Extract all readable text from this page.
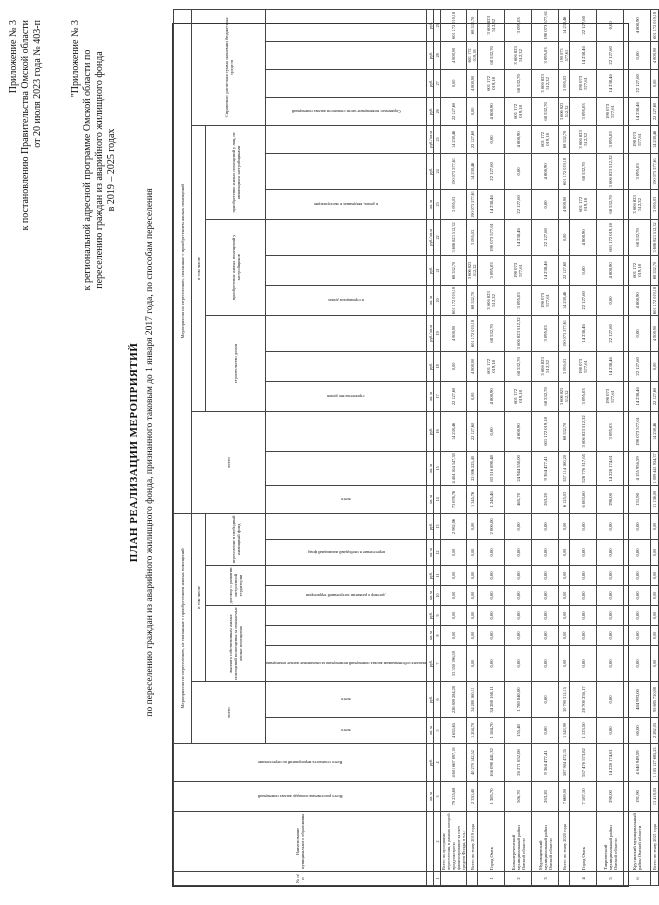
Приложение № 3 к постановлению Правительства Омской области от 20 июля 2023 года № 403-п	"Приложение № 3 к региональной адресной программе Омской области по переселению граждан из аварийного жилищного фонда в 2019 – 2025 годах
ПЛАН РЕАЛИЗАЦИИ МЕРОПРИЯТИЙ по переселению граждан из аварийного жилищного фонда, признанного таковым до 1 января 2017 года, по способам переселения
№ п/п	Наименование муниципального образования	Всего расселяемая площадь жилых помещений	Всего стоимость мероприятий по переселению	Мероприятия по переселению, не связанные с приобретением жилых помещений									Мероприятия по переселению, связанные с приобретением жилых помещений															
				всего		в том числе							всего			в том числе									Справочно: расчетная сумма экономии бюджетных средств			
						выплата собственникам жилых помещений возмещения за изымаемые жилые помещения			договор о развитии застроенной территории		переселение в свободный жилищный фонд					строительство домов			приобретение жилых помещений у застройщиков			приобретение жилых помещений у лиц, не являющихся застройщиками						

				всего	всего	выплата собственникам жилых помещений возмещения за изымаемые жилые помещения			договор о развитии застроенной территории		переселение в свободный жилищный фонд		всего			строительство домов			в строящихся домах			в домах, введенных в эксплуатацию			Справочно: возмещение части стоимости жилых помещений			

		кв. м	руб.	кв. м	руб.	руб.	кв. м	руб.	кв. м	руб.	кв. м	руб.	кв. м	кв. м	руб.	кв. м	руб.	руб./ кв.м	кв. м	руб.	руб./ кв.м	кв. м	руб.	руб./ кв.м	руб.	руб.	руб.	руб.
1	2	3	4	5	6	7	8	9	10	11	12	13	14	15	16	17	18	19	20	21	22	23	24	25	26	27	28	29
	Всего по программе переселения, в рамках которой предусмотрено финансирование за счет средств Фонда, в т.ч.:	79 235,68	4 601 667 897,18	4 655,65	226 809 284,28	53 350 196,59	0,00	0,00	0,00	0,00	0,00	2 982,86	73 676,76	4 404 164 347,38	14 238,46	22 127,60	0,00	4 808,90	601 172 019,18	68 532,70	3 606 823 512,32	3 095,03	190 073 577,61	14 238,46	22 127,60	0,00	4 808,90	601 172 019,18
	Всего по этапу 2019 года	2 330,40	40 270 142,52	1 204,70	34 280 160,11	0,00	0,00	0,00	0,00	0,00	0,00	0,00	1 345,76	22 006 225,40	22 127,60	0,00	4 808,90	601 172 019,18	68 532,70	3 606 823 512,32	3 095,03	190 073 577,61	14 238,46	22 127,60	0,00	4 808,90	601 172 019,18	68 532,70
1	Город Омск	1 385,70	166 090 441,32	1 184,70	34 280 160,11	0,00	0,00	0,00	0,00	0,00	0,00	2 000,00	1 245,46	83 516 890,48	0,00	4 808,90	601 172 019,18	68 532,70	3 606 823 512,32	3 095,03	190 073 577,61	14 238,46	22 127,60	0,00	4 808,90	601 172 019,18	68 532,70	3 606 823 512,32
2	Большереченский муниципальный район Омской области	506,70	26 271 652,08	155,40	1 780 840,00	0,00	0,00	0,00	0,00	0,00	0,00	0,00	465,70	24 944 550,00	4 808,90	601 172 019,18	68 532,70	3 606 823 512,32	3 095,03	190 073 577,61	14 238,46	22 127,60	0,00	4 808,90	601 172 019,18	68 532,70	3 606 823 512,32	3 095,03
3	Муромцевский муниципальный район Омской области	263,20	9 364 477,41	0,00	0,00	0,00	0,00	0,00	0,00	0,00	0,00	0,00	263,20	9 364 477,41	601 172 019,18	68 532,70	3 606 823 512,32	3 095,03	190 073 577,61	14 238,46	22 127,60	0,00	4 808,90	601 172 019,18	68 532,70	3 606 823 512,32	3 095,03	190 073 577,61
	Всего по этапу 2020 года	7 669,00	587 904 472,35	1 543,99	30 790 312,15	0,00	0,00	0,00	0,00	0,00	0,00	0,00	6 125,03	557 114 160,20	68 532,70	3 606 823 512,32	3 095,03	190 073 577,61	14 238,46	22 127,60	0,00	4 808,90	601 172 019,18	68 532,70	3 606 823 512,32	3 095,03	190 073 577,61	14 238,46
4	Город Омск	7 187,10	557 476 573,82	1 123,50	28 700 256,17	0,00	0,00	0,00	0,00	0,00	0,00	0,00	6 063,60	528 776 317,65	3 606 823 512,32	3 095,03	190 073 577,61	14 238,46	22 127,60	0,00	4 808,90	601 172 019,18	68 532,70	3 606 823 512,32	3 095,03	190 073 577,61	14 238,46	22 127,60
5	Таврический муниципальный район Омской области	290,00	14 228 174,61	0,00	0,00	0,00	0,00	0,00	0,00	0,00	0,00	0,00	290,00	14 228 174,61	3 095,03	190 073 577,61	14 238,46	22 127,60	0,00	4 808,90	601 172 019,18	68 532,70	3 606 823 512,32	3 095,03	190 073 577,61	14 238,46	22 127,60	0,00
6	Крутинский муниципальный район Омской области	191,90	4 640 949,59	60,00	484 993,00	0,00	0,00	0,00	0,00	0,00	0,00	0,00	131,90	4 155 956,59	190 073 577,61	14 238,46	22 127,60	0,00	4 808,90	601 172 019,18	68 532,70	3 606 823 512,32	3 095,03	190 073 577,61	14 238,46	22 127,60	0,00	4 808,90
	Всего по этапу 2021 года	13 418,05	1 105 127 685,25	2 282,05	95 685 730,88	0,00	0,00	0,00	0,00	0,00	0,00	0,00	11 136,00	1 009 441 954,37	14 238,46	22 127,60	0,00	4 808,90	601 172 019,18	68 532,70	3 606 823 512,32	3 095,03	190 073 577,61	14 238,46	22 127,60	0,00	4 808,90	601 172 019,18
